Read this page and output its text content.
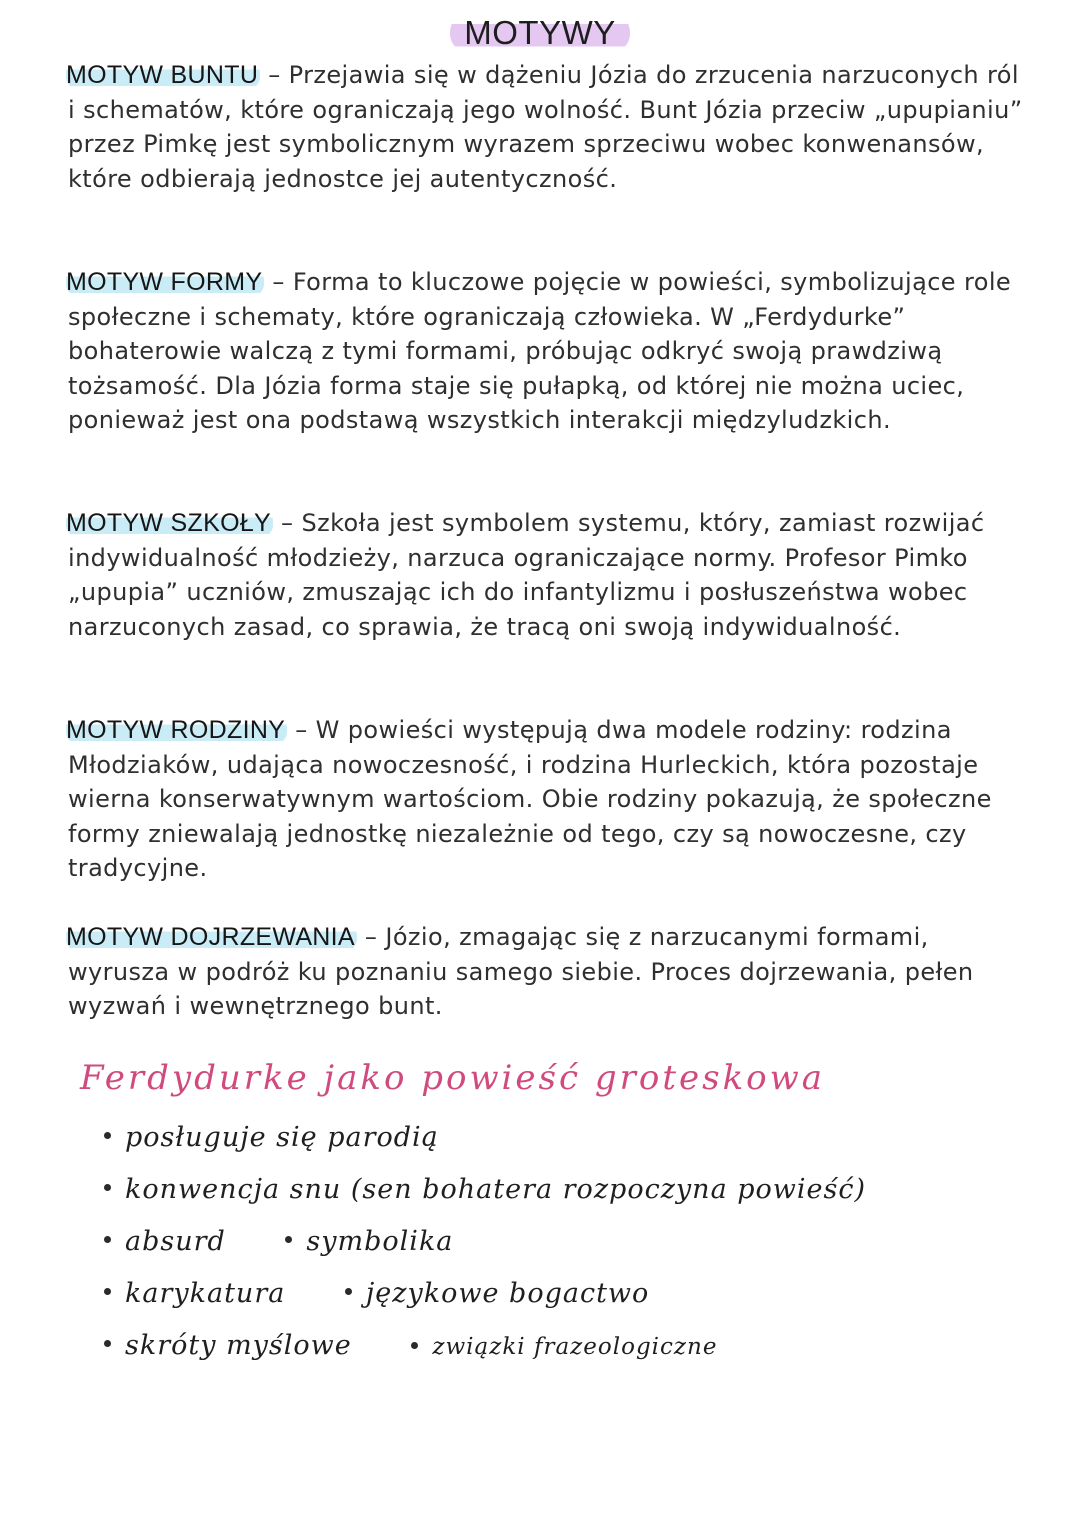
MOTYWY

MOTYW BUNTU – Przejawia się w dążeniu Józia do zrzucenia narzuconych ról i schematów, które ograniczają jego wolność. Bunt Józia przeciw „upupianiu” przez Pimkę jest symbolicznym wyrazem sprzeciwu wobec konwenansów, które odbierają jednostce jej autentyczność.

MOTYW FORMY – Forma to kluczowe pojęcie w powieści, symbolizujące role społeczne i schematy, które ograniczają człowieka. W „Ferdydurke” bohaterowie walczą z tymi formami, próbując odkryć swoją prawdziwą tożsamość. Dla Józia forma staje się pułapką, od której nie można uciec, ponieważ jest ona podstawą wszystkich interakcji międzyludzkich.

MOTYW SZKOŁY – Szkoła jest symbolem systemu, który, zamiast rozwijać indywidualność młodzieży, narzuca ograniczające normy. Profesor Pimko „upupia” uczniów, zmuszając ich do infantylizmu i posłuszeństwa wobec narzuconych zasad, co sprawia, że tracą oni swoją indywidualność.

MOTYW RODZINY – W powieści występują dwa modele rodziny: rodzina Młodziaków, udająca nowoczesność, i rodzina Hurleckich, która pozostaje wierna konserwatywnym wartościom. Obie rodziny pokazują, że społeczne formy zniewalają jednostkę niezależnie od tego, czy są nowoczesne, czy tradycyjne.

MOTYW DOJRZEWANIA – Józio, zmagając się z narzucanymi formami, wyrusza w podróż ku poznaniu samego siebie. Proces dojrzewania, pełen wyzwań i wewnętrznego bunt.

Ferdydurke jako powieść groteskowa
posługuje się parodią
konwencja snu (sen bohatera rozpoczyna powieść)
absurd	symbolika
karykatura	językowe bogactwo
skróty myślowe	związki frazeologiczne
